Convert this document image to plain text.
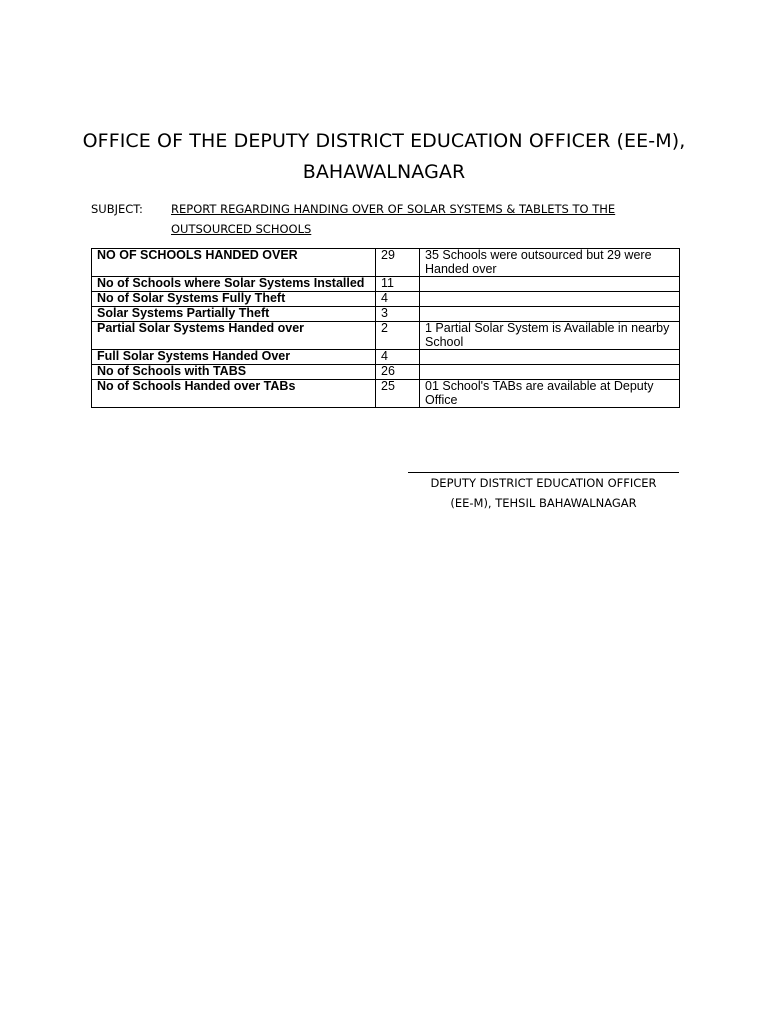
OFFICE OF THE DEPUTY DISTRICT EDUCATION OFFICER (EE-M),
BAHAWALNAGAR
SUBJECT: REPORT REGARDING HANDING OVER OF SOLAR SYSTEMS & TABLETS TO THE
OUTSOURCED SCHOOLS
NO OF SCHOOLS HANDED OVER	29	35 Schools were outsourced but 29 were Handed over
No of Schools where Solar Systems Installed	11	
No of Solar Systems Fully Theft	4	
Solar Systems Partially Theft	3	
Partial Solar Systems Handed over	2	1 Partial Solar System is Available in nearby School
Full Solar Systems Handed Over	4	
No of Schools with TABS	26	
No of Schools Handed over TABs	25	01 School's TABs are available at Deputy Office
DEPUTY DISTRICT EDUCATION OFFICER
(EE-M), TEHSIL BAHAWALNAGAR
